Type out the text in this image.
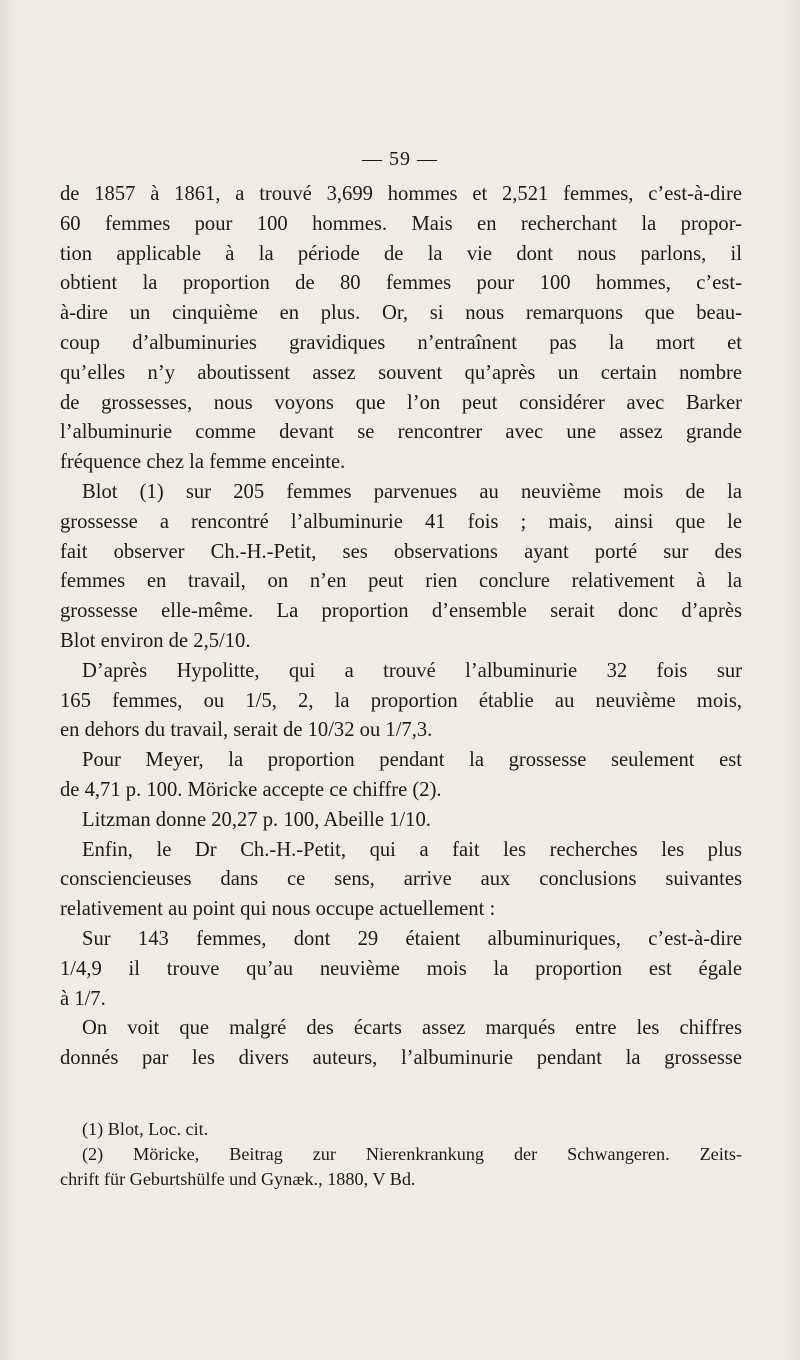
— 59 —
de 1857 à 1861, a trouvé 3,699 hommes et 2,521 femmes, c’est-à-dire
60 femmes pour 100 hommes. Mais en recherchant la propor-
tion applicable à la période de la vie dont nous parlons, il
obtient la proportion de 80 femmes pour 100 hommes, c’est-
à-dire un cinquième en plus. Or, si nous remarquons que beau-
coup d’albuminuries gravidiques n’entraînent pas la mort et
qu’elles n’y aboutissent assez souvent qu’après un certain nombre
de grossesses, nous voyons que l’on peut considérer avec Barker
l’albuminurie comme devant se rencontrer avec une assez grande
fréquence chez la femme enceinte.
Blot (1) sur 205 femmes parvenues au neuvième mois de la
grossesse a rencontré l’albuminurie 41 fois ; mais, ainsi que le
fait observer Ch.-H.-Petit, ses observations ayant porté sur des
femmes en travail, on n’en peut rien conclure relativement à la
grossesse elle-même. La proportion d’ensemble serait donc d’après
Blot environ de 2,5/10.
D’après Hypolitte, qui a trouvé l’albuminurie 32 fois sur
165 femmes, ou 1/5, 2, la proportion établie au neuvième mois,
en dehors du travail, serait de 10/32 ou 1/7,3.
Pour Meyer, la proportion pendant la grossesse seulement est
de 4,71 p. 100. Möricke accepte ce chiffre (2).
Litzman donne 20,27 p. 100, Abeille 1/10.
Enfin, le Dr Ch.-H.-Petit, qui a fait les recherches les plus
consciencieuses dans ce sens, arrive aux conclusions suivantes
relativement au point qui nous occupe actuellement :
Sur 143 femmes, dont 29 étaient albuminuriques, c’est-à-dire
1/4,9 il trouve qu’au neuvième mois la proportion est égale
à 1/7.
On voit que malgré des écarts assez marqués entre les chiffres
donnés par les divers auteurs, l’albuminurie pendant la grossesse
(1) Blot, Loc. cit.
(2) Möricke, Beitrag zur Nierenkrankung der Schwangeren. Zeits-
chrift für Geburtshülfe und Gynæk., 1880, V Bd.
